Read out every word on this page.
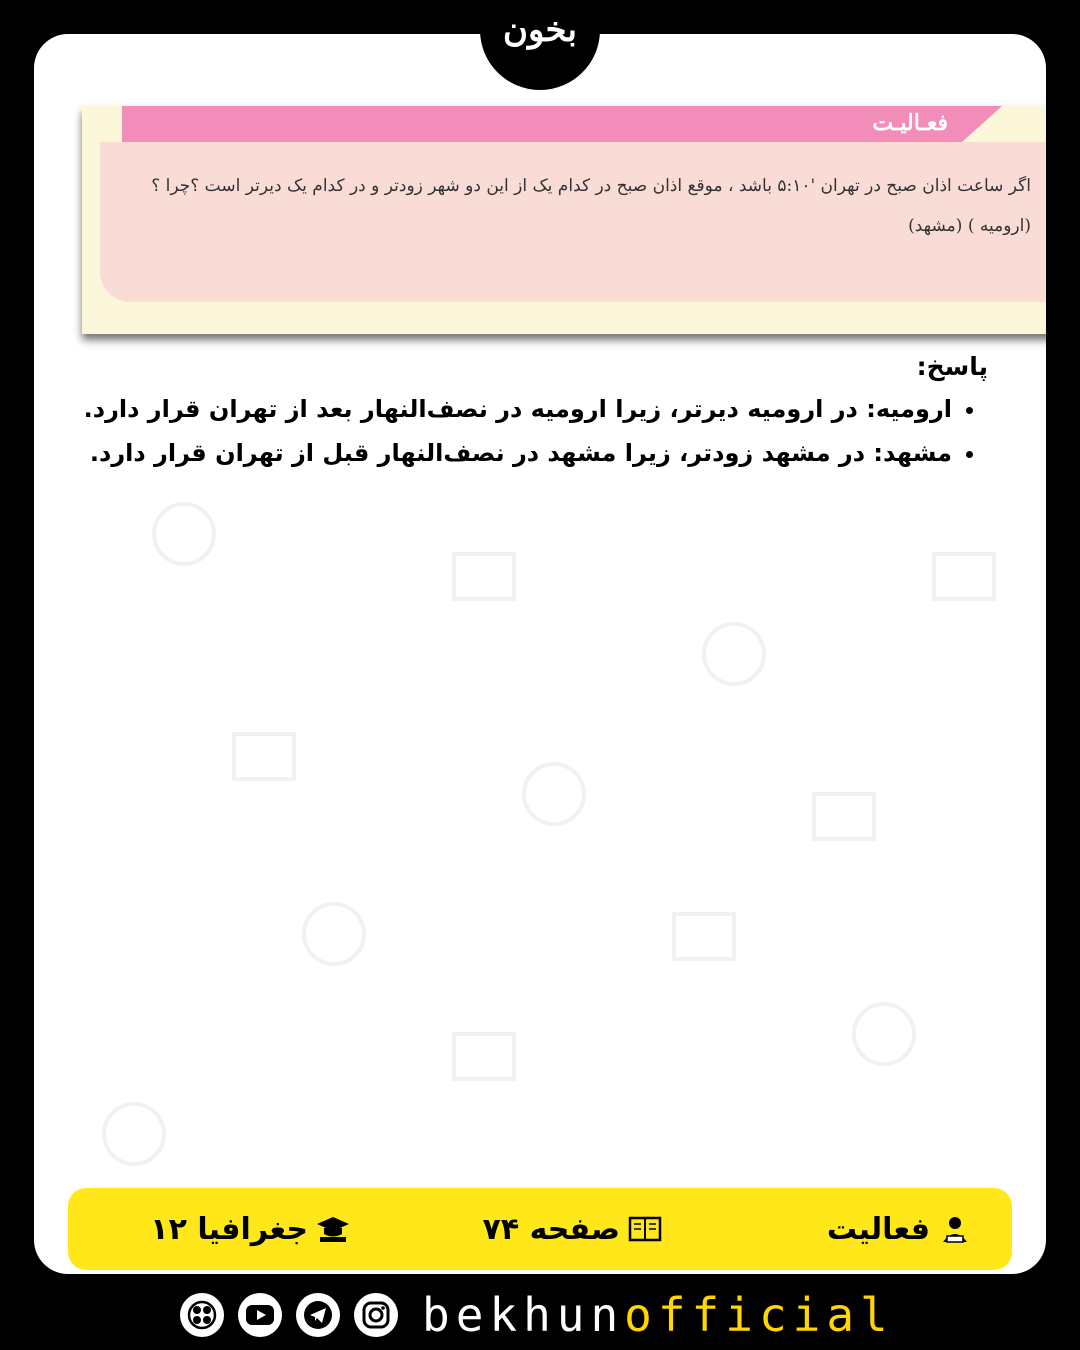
فعـالیـت
اگر ساعت اذان صبح در تهران '۵:۱۰ باشد ، موقع اذان صبح در کدام یک از این دو شهر زودتر و در کدام یک دیرتر است ؟چرا ؟
(ارومیه ) (مشهد)
پاسخ:
• ارومیه: در ارومیه دیرتر، زیرا ارومیه در نصف‌النهار بعد از تهران قرار دارد.
• مشهد: در مشهد زودتر، زیرا مشهد در نصف‌النهار قبل از تهران قرار دارد.
بخون
فعالیت
صفحه ۷۴
جغرافیا ۱۲
bekhunofficial
